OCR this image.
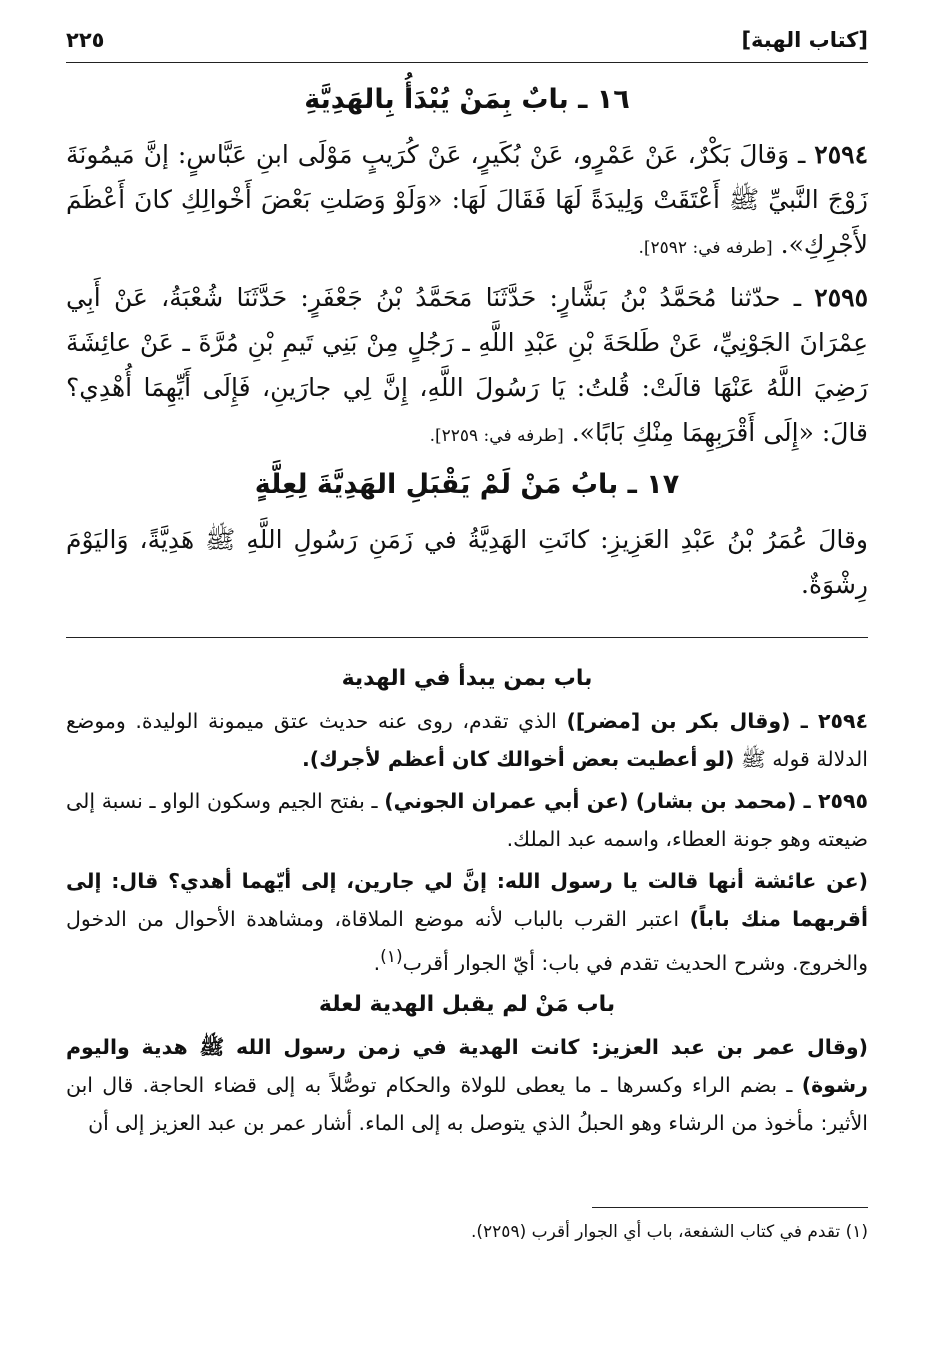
[كتاب الهبة]
٢٢٥
١٦ ـ بابٌ بِمَنْ يُبْدَأُ بِالهَدِيَّةِ

٢٥٩٤ ـ وَقالَ بَكْرٌ، عَنْ عَمْرٍو، عَنْ بُكَيرٍ، عَنْ كُرَيبٍ مَوْلَى ابنِ عَبَّاسٍ: إنَّ مَيمُونَةَ زَوْجَ النَّبيِّ ﷺ أَعْتَقَتْ وَلِيدَةً لَهَا فَقَالَ لَهَا: «وَلَوْ وَصَلتِ بَعْضَ أَخْوالِكِ كانَ أَعْظَمَ لأَجْرِكِ». [طرفه في: ٢٥٩٢].

٢٥٩٥ ـ حدّثنا مُحَمَّدُ بْنُ بَشَّارٍ: حَدَّثَنَا مَحَمَّدُ بْنُ جَعْفَرٍ: حَدَّثَنَا شُعْبَةُ، عَنْ أَبِي عِمْرَانَ الجَوْنِيِّ، عَنْ طَلحَةَ بْنِ عَبْدِ اللَّهِ ـ رَجُلٍ مِنْ بَنِي تَيمِ بْنِ مُرَّةَ ـ عَنْ عائِشَةَ رَضِيَ اللَّهُ عَنْهَا قالَتْ: قُلتُ: يَا رَسُولَ اللَّهِ، إِنَّ لِي جارَينِ، فَإِلَى أَيِّهِمَا أُهْدِي؟ قالَ: «إِلَى أَقْرَبِهِمَا مِنْكِ بَابًا». [طرفه في: ٢٢٥٩].

١٧ ـ بابُ مَنْ لَمْ يَقْبَلِ الهَدِيَّةَ لِعِلَّةٍ

وقالَ عُمَرُ بْنُ عَبْدِ العَزِيزِ: كانَتِ الهَدِيَّةُ في زَمَنِ رَسُولِ اللَّهِ ﷺ هَدِيَّةً، وَاليَوْمَ رِشْوَةٌ.

باب بمن يبدأ في الهدية

٢٥٩٤ ـ (وقال بكر بن [مضر]) الذي تقدم، روى عنه حديث عتق ميمونة الوليدة. وموضع الدلالة قوله ﷺ (لو أعطيت بعض أخوالك كان أعظم لأجرك).

٢٥٩٥ ـ (محمد بن بشار) (عن أبي عمران الجوني) ـ بفتح الجيم وسكون الواو ـ نسبة إلى ضيعته وهو جونة العطاء، واسمه عبد الملك.

(عن عائشة أنها قالت يا رسول الله: إنَّ لي جارين، إلى أيّهما أهدي؟ قال: إلى أقربهما منك باباً) اعتبر القرب بالباب لأنه موضع الملاقاة، ومشاهدة الأحوال من الدخول والخروج. وشرح الحديث تقدم في باب: أيّ الجوار أقرب$^{(١)}$.

باب مَنْ لم يقبل الهدية لعلة

(وقال عمر بن عبد العزيز: كانت الهدية في زمن رسول الله ﷺ هدية واليوم رشوة) ـ بضم الراء وكسرها ـ ما يعطى للولاة والحكام توصُّلاً به إلى قضاء الحاجة. قال ابن الأثير: مأخوذ من الرشاء وهو الحبلُ الذي يتوصل به إلى الماء. أشار عمر بن عبد العزيز إلى أن

(١) تقدم في كتاب الشفعة، باب أي الجوار أقرب (٢٢٥٩).
